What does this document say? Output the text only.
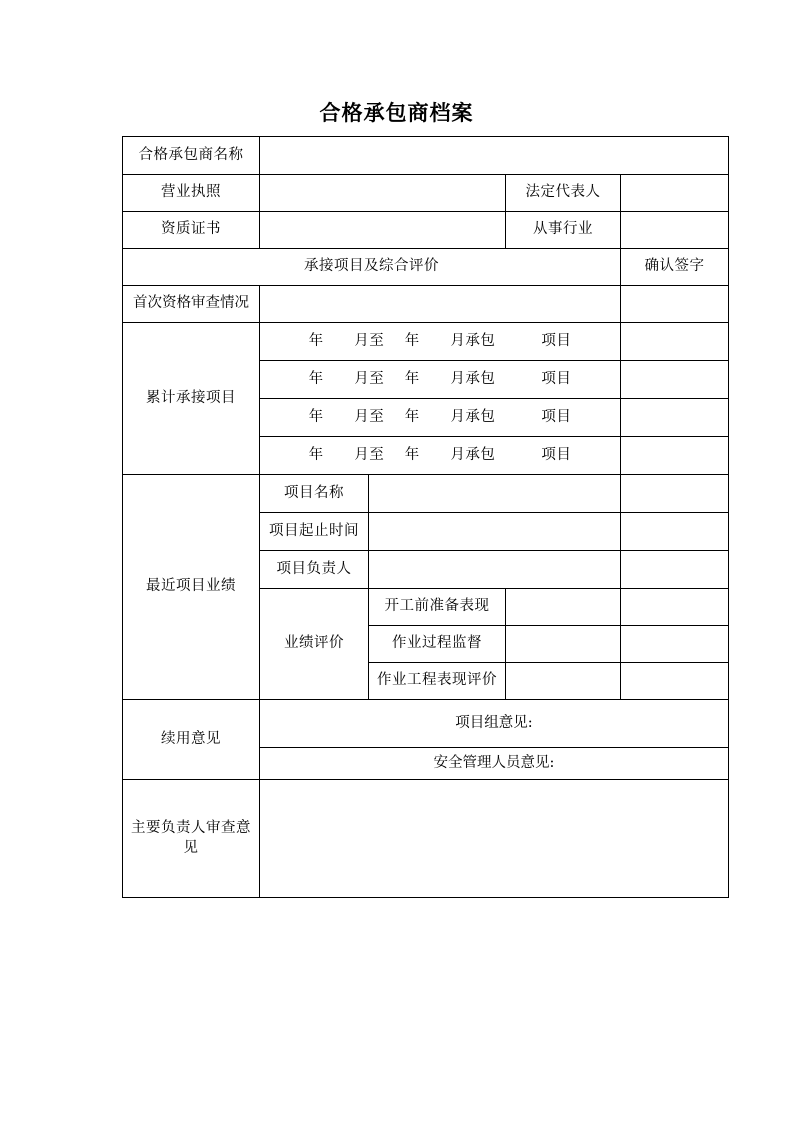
合格承包商档案
合格承包商名称				
营业执照			法定代表人	
资质证书			从事行业	
承接项目及综合评价				确认签字
首次资格审查情况				
累计承接项目	年      月至    年      月承包         项目			
	年      月至    年      月承包         项目			
	年      月至    年      月承包         项目			
	年      月至    年      月承包         项目			
最近项目业绩	项目名称			
	项目起止时间			
	项目负责人			
	业绩评价	开工前准备表现		
		作业过程监督		
		作业工程表现评价		
续用意见	项目组意见:			
	安全管理人员意见:			
主要负责人审查意见				
